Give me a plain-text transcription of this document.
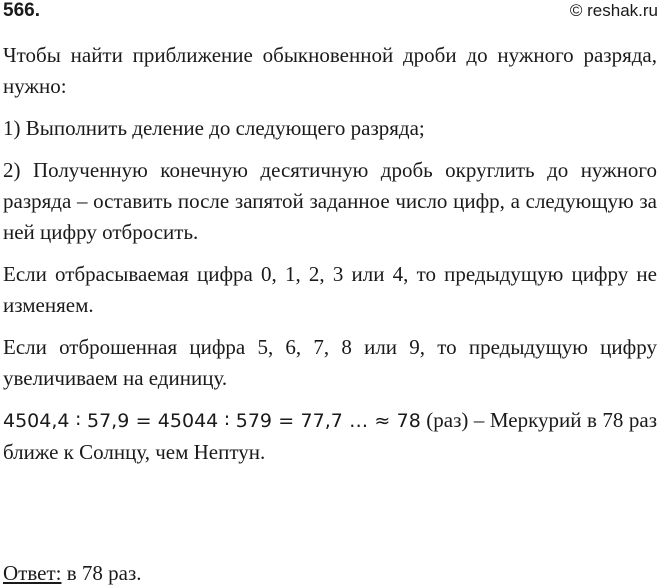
566.	© reshak.ru

Чтобы найти приближение обыкновенной дроби до нужного разряда, нужно:

1) Выполнить деление до следующего разряда;

2) Полученную конечную десятичную дробь округлить до нужного разряда – оставить после запятой заданное число цифр, а следующую за ней цифру отбросить.

Если отбрасываемая цифра 0, 1, 2, 3 или 4, то предыдущую цифру не изменяем.

Если отброшенная цифра 5, 6, 7, 8 или 9, то предыдущую цифру увеличиваем на единицу.

4504,4 ∶ 57,9 = 45044 ∶ 579 = 77,7 … ≈ 78 (раз) – Меркурий в 78 раз ближе к Солнцу, чем Нептун.

Ответ: в 78 раз.
